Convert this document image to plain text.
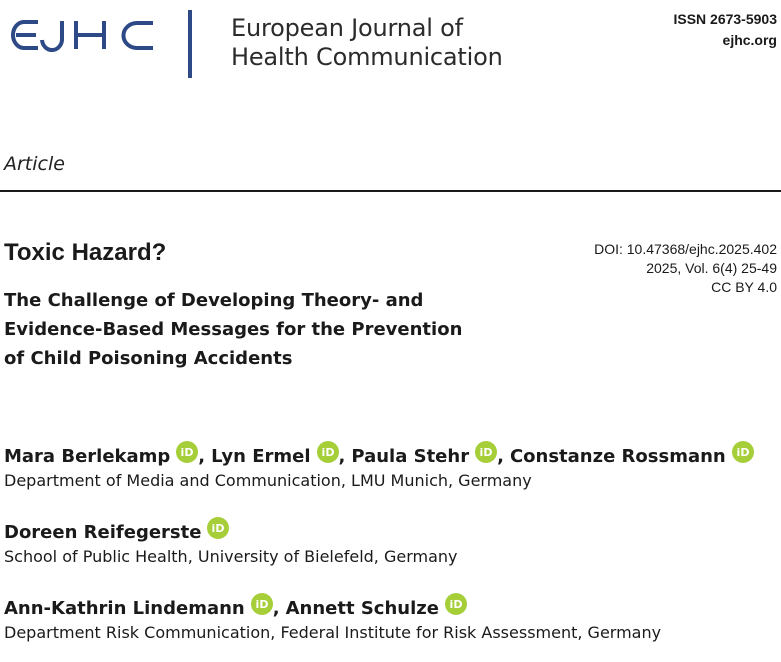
European Journal of
Health Communication
ISSN 2673-5903
ejhc.org
Article
Toxic Hazard?
The Challenge of Developing Theory- and
Evidence-Based Messages for the Prevention
of Child Poisoning Accidents
DOI: 10.47368/ejhc.2025.402
2025, Vol. 6(4) 25-49
CC BY 4.0
Mara Berlekamp iD , Lyn Ermel iD , Paula Stehr iD , Constanze Rossmann iD
Department of Media and Communication, LMU Munich, Germany
Doreen Reifegerste iD
School of Public Health, University of Bielefeld, Germany
Ann-Kathrin Lindemann iD , Annett Schulze iD
Department Risk Communication, Federal Institute for Risk Assessment, Germany
